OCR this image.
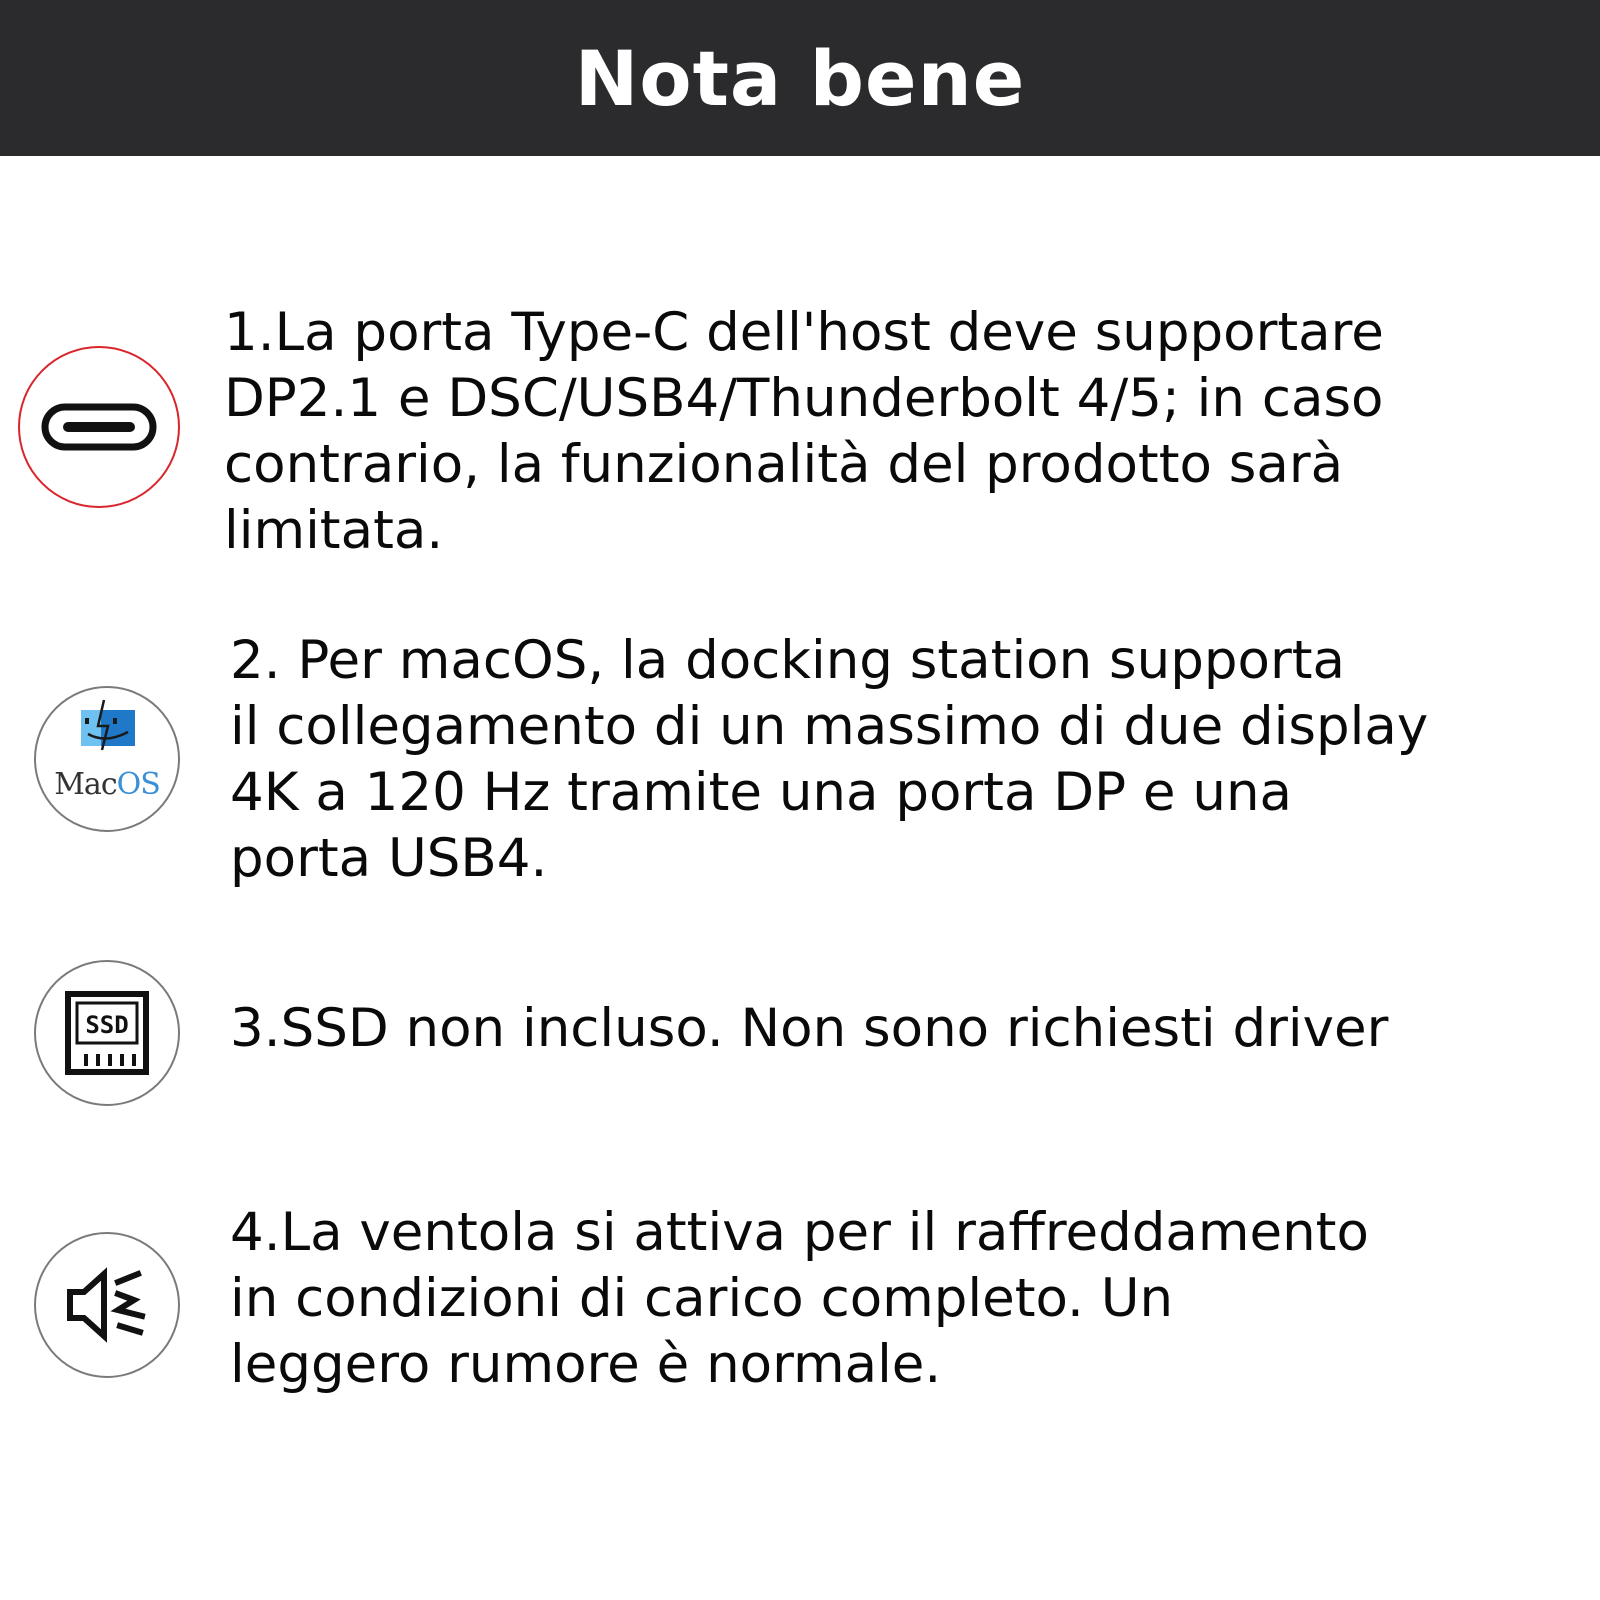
Nota bene

1.La porta Type-C dell'host deve supportare
DP2.1 e DSC/USB4/Thunderbolt 4/5; in caso
contrario, la funzionalità del prodotto sarà
limitata.

MacOS

2. Per macOS, la docking station supporta
il collegamento di un massimo di due display
4K a 120 Hz tramite una porta DP e una
porta USB4.

SSD 3.SSD non incluso. Non sono richiesti driver

4.La ventola si attiva per il raffreddamento
in condizioni di carico completo. Un
leggero rumore è normale.
